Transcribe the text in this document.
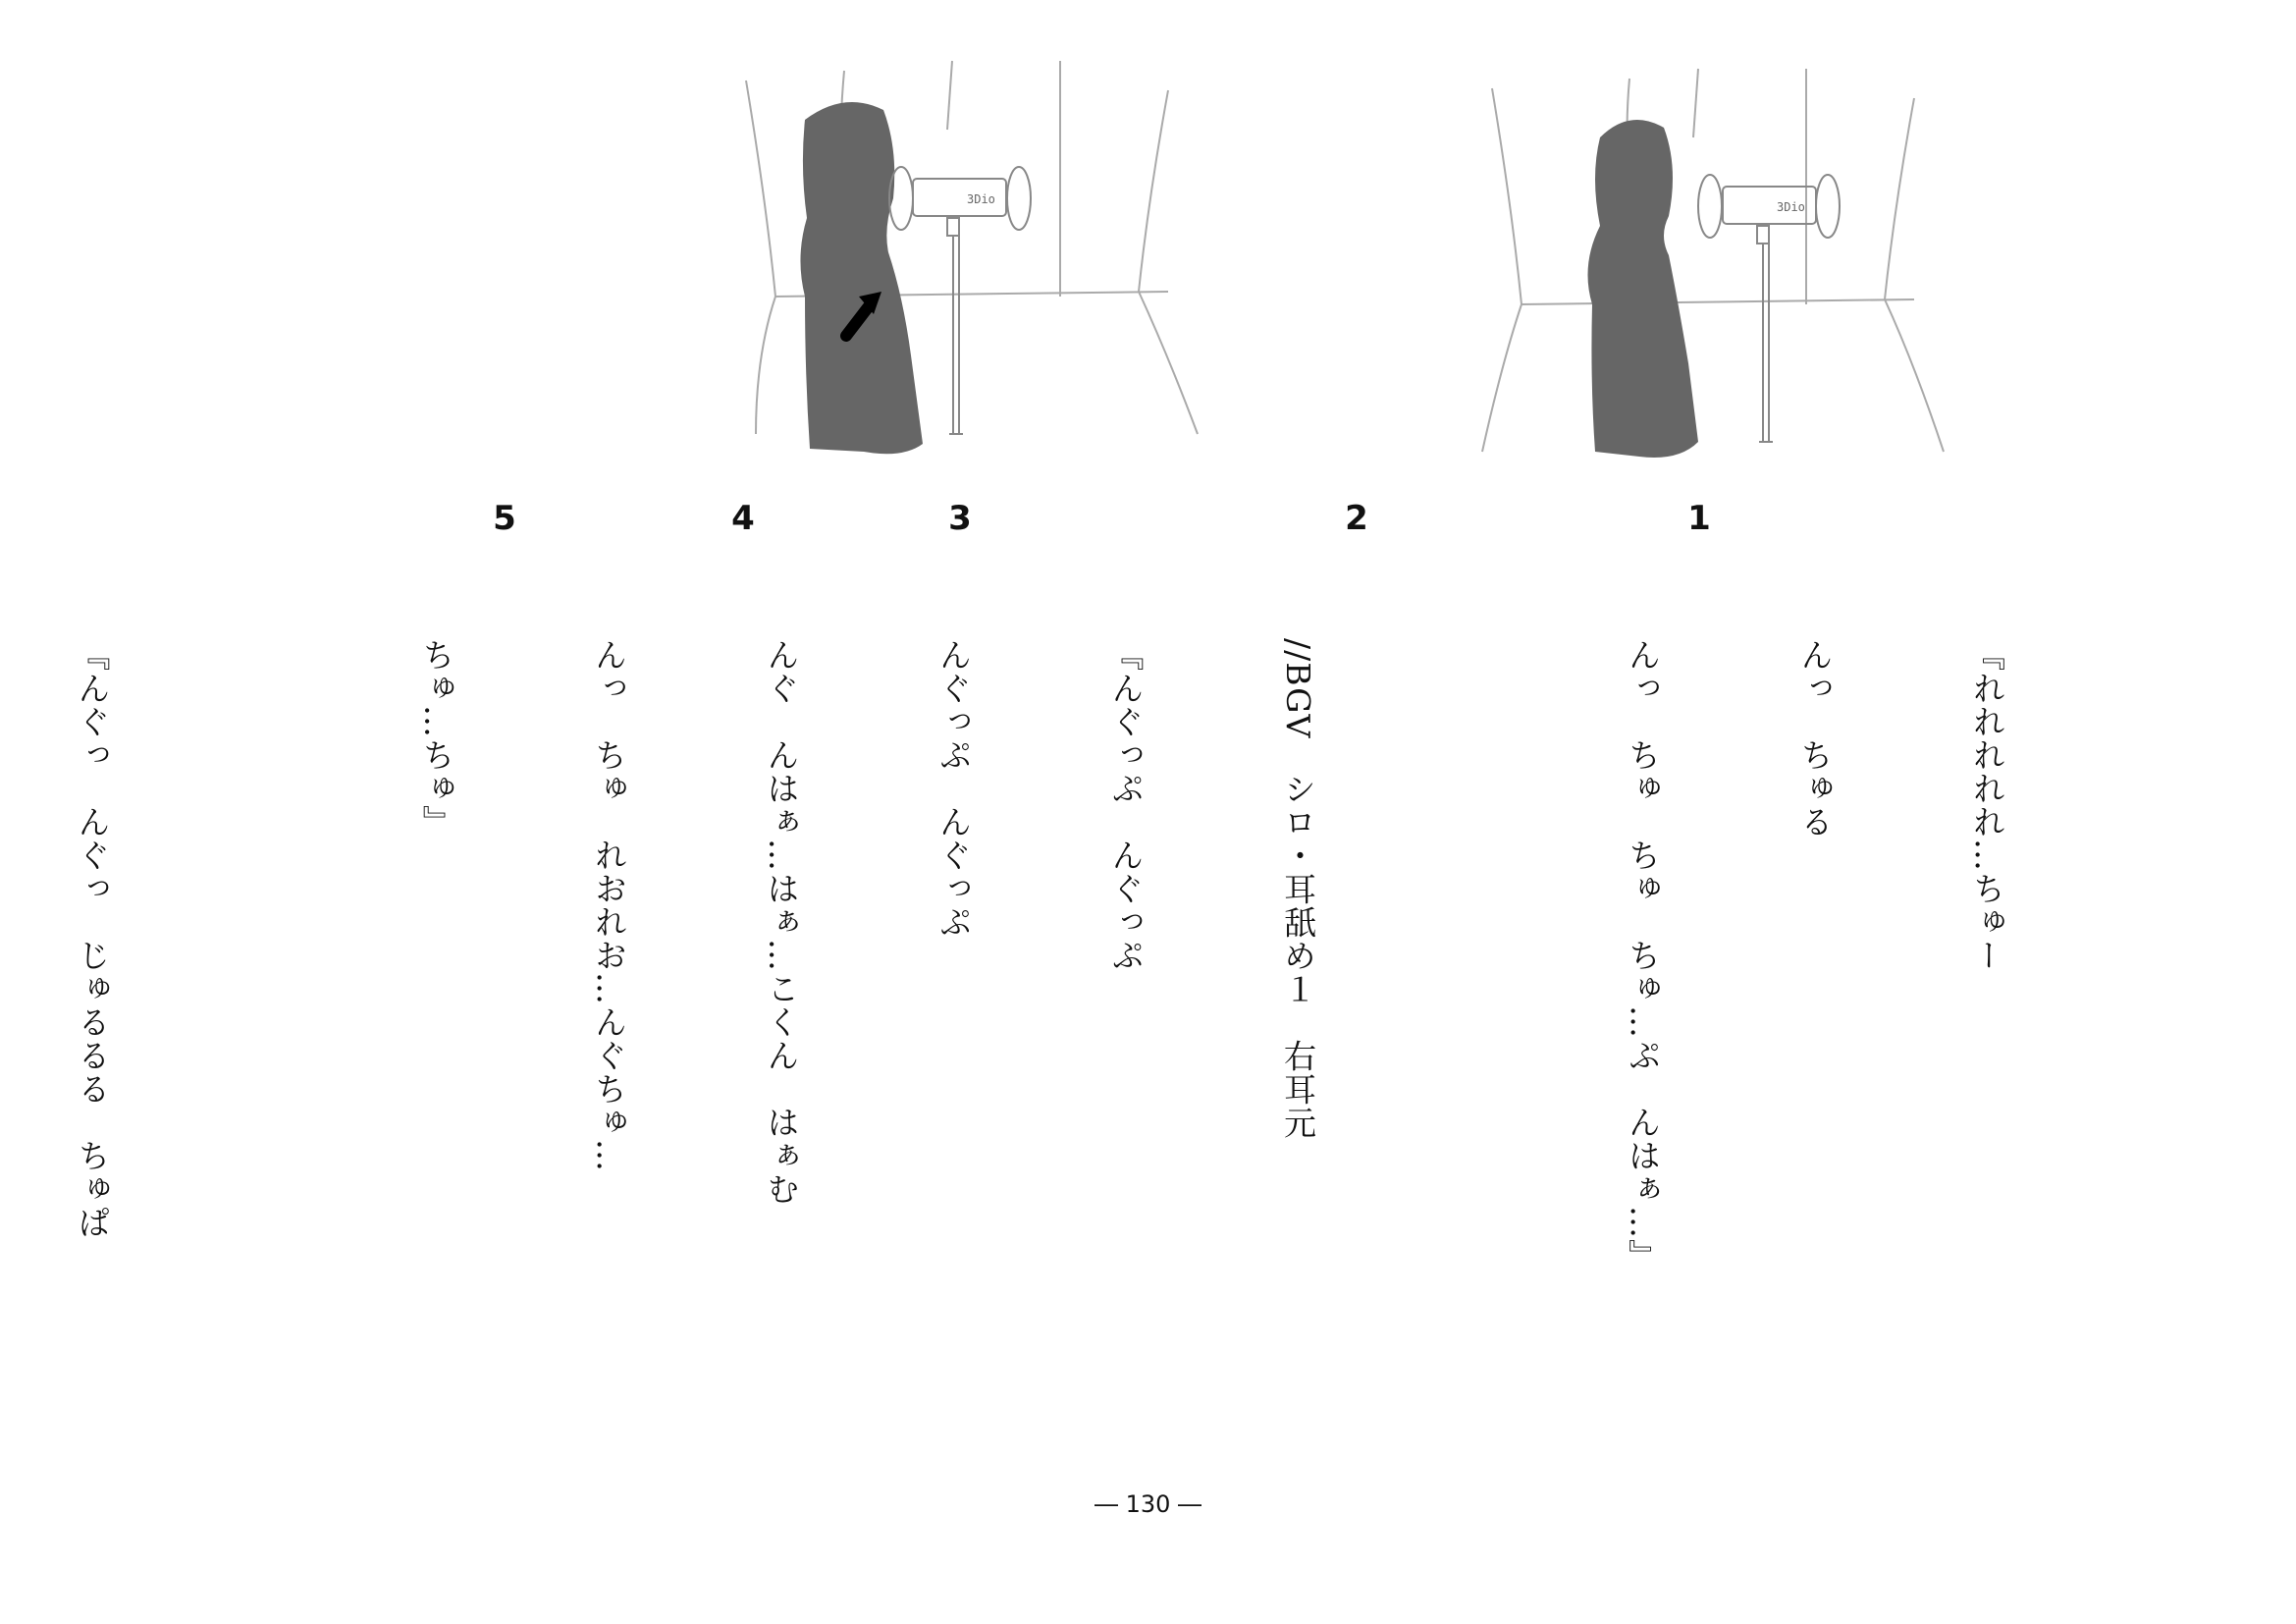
3Dio
3Dio
1
2
3
4
5

『れれれれれ…ちゅー

んっ　ちゅる

んっ　ちゅ　ちゅ　ちゅ…ぷ　んはぁ…』

//BGV　シロ・耳舐め１　右耳元

『んぐっぷ　んぐっぷ

んぐっぷ　んぐっぷ

んぐ　んはぁ…はぁ…こくん　はぁむ

んっ　ちゅ　れおれお…んぐちゅ…

ちゅ…ちゅ』

『んぐっ　んぐっ　じゅるるる　ちゅぱ

― 130 ―
